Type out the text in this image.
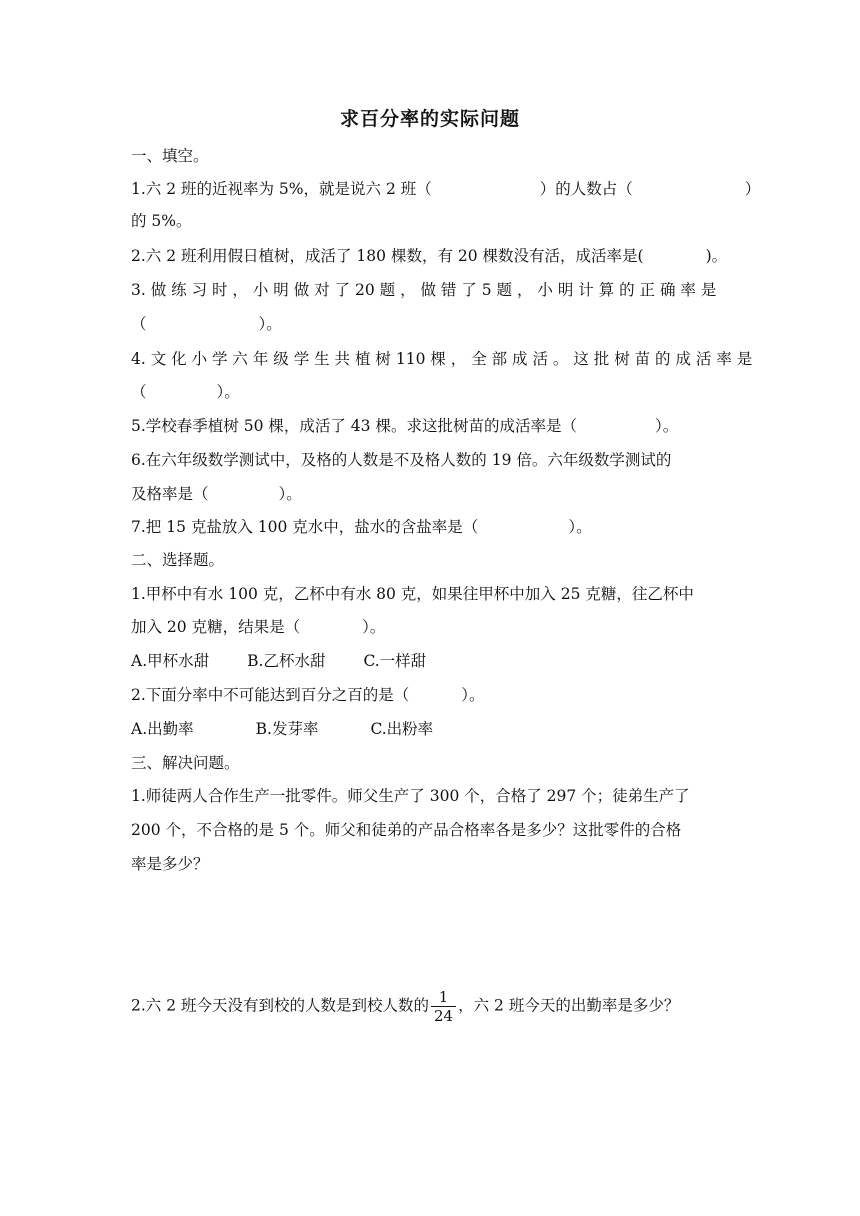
求百分率的实际问题
一、填空。
1.六 2 班的近视率为 5%，就是说六 2 班（	）的人数占（	）
的 5%。
2.六 2 班利用假日植树，成活了 180 棵数，有 20 棵数没有活，成活率是(	)。
3. 做 练 习 时 ， 小 明 做 对 了 20 题 ， 做 错 了 5 题 ， 小 明 计 算 的 正 确 率 是
（	）。
4. 文 化 小 学 六 年 级 学 生 共 植 树 110 棵 ， 全 部 成 活 。 这 批 树 苗 的 成 活 率 是
（	）。
5.学校春季植树 50 棵，成活了 43 棵。求这批树苗的成活率是（	）。
6.在六年级数学测试中，及格的人数是不及格人数的 19 倍。六年级数学测试的
及格率是（	）。
7.把 15 克盐放入 100 克水中，盐水的含盐率是（	）。
二、选择题。
1.甲杯中有水 100 克，乙杯中有水 80 克，如果往甲杯中加入 25 克糖，往乙杯中
加入 20 克糖，结果是（	）。
A.甲杯水甜 B.乙杯水甜 C.一样甜
2.下面分率中不可能达到百分之百的是（	）。
A.出勤率	B.发芽率	C.出粉率
三、解决问题。
1.师徒两人合作生产一批零件。师父生产了 300 个，合格了 297 个；徒弟生产了
200 个，不合格的是 5 个。师父和徒弟的产品合格率各是多少？这批零件的合格
率是多少？
2.六 2 班今天没有到校的人数是到校人数的 $\frac{1}{24}$ ，六 2 班今天的出勤率是多少？
